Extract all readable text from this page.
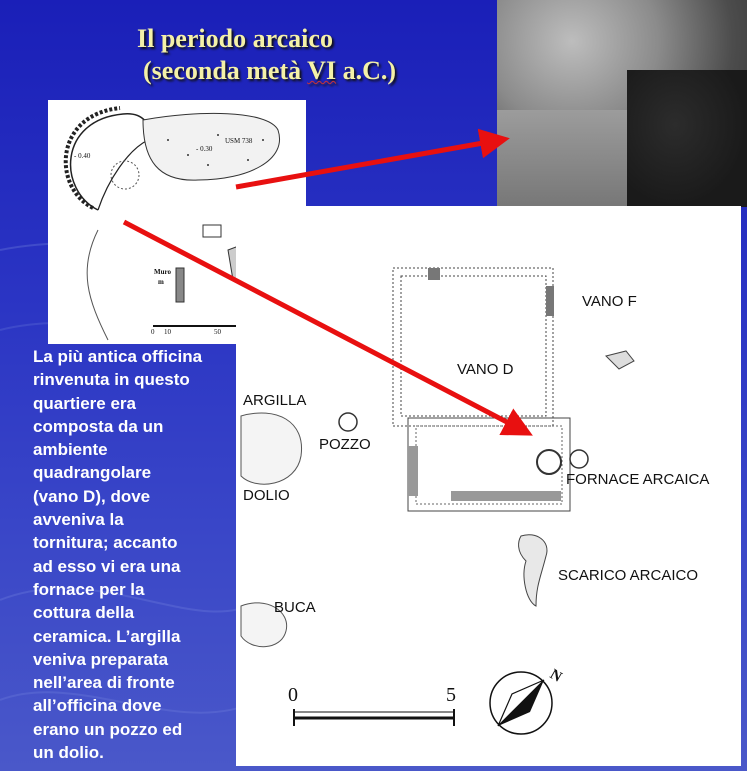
Il periodo arcaico
(seconda metà VI a.C.)
- 0.40
USM 738
- 0.30
Muro
m
0 10	50
VANO F
VANO D
ARGILLA
POZZO
DOLIO
FORNACE ARCAICA
SCARICO ARCAICO
BUCA
0	5
N
La più antica officina
rinvenuta in questo
quartiere era
composta da un
ambiente
quadrangolare
(vano D), dove
avveniva la
tornitura; accanto
ad esso vi era una
fornace per la
cottura della
ceramica. L’argilla
veniva preparata
nell’area di fronte
all’officina dove
erano un pozzo ed
un dolio.
